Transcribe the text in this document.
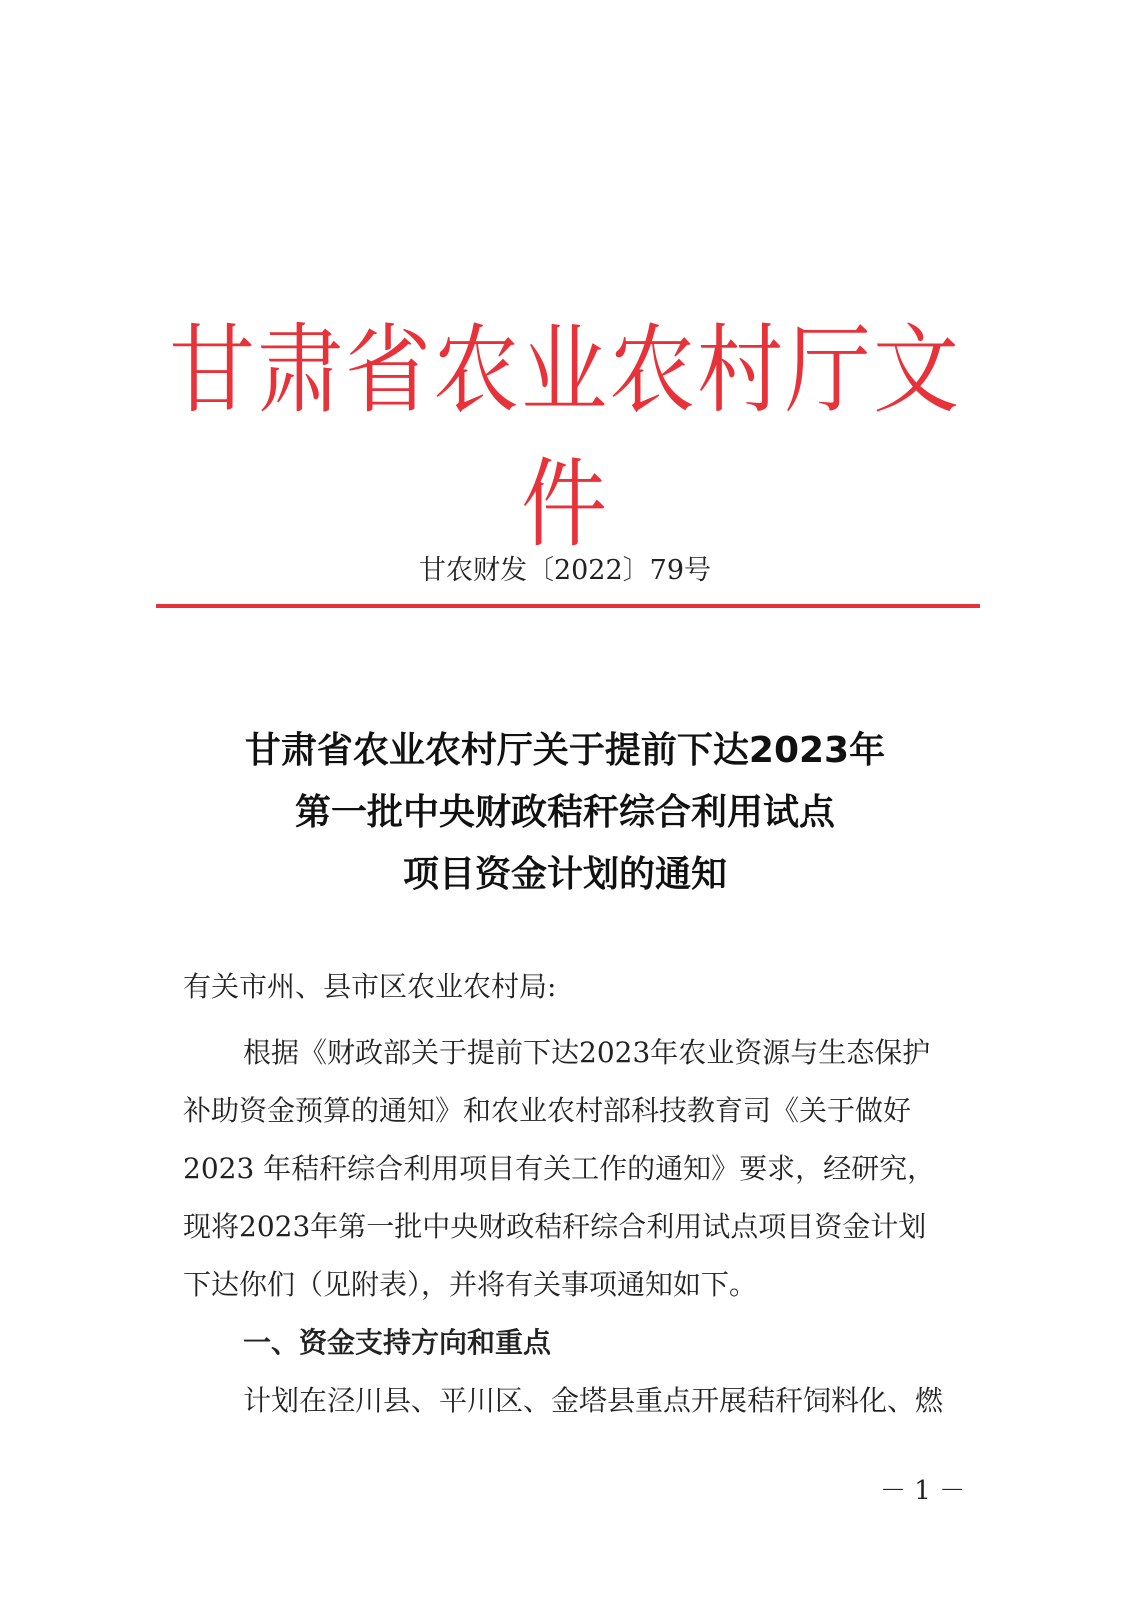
甘肃省农业农村厅文件
甘农财发〔2022〕79号
甘肃省农业农村厅关于提前下达2023年
第一批中央财政秸秆综合利用试点
项目资金计划的通知
有关市州、县市区农业农村局:
根据《财政部关于提前下达2023年农业资源与生态保护
补助资金预算的通知》和农业农村部科技教育司《关于做好
2023 年秸秆综合利用项目有关工作的通知》要求，经研究，
现将2023年第一批中央财政秸秆综合利用试点项目资金计划
下达你们（见附表），并将有关事项通知如下。
一、资金支持方向和重点
计划在泾川县、平川区、金塔县重点开展秸秆饲料化、燃
－ 1 －
